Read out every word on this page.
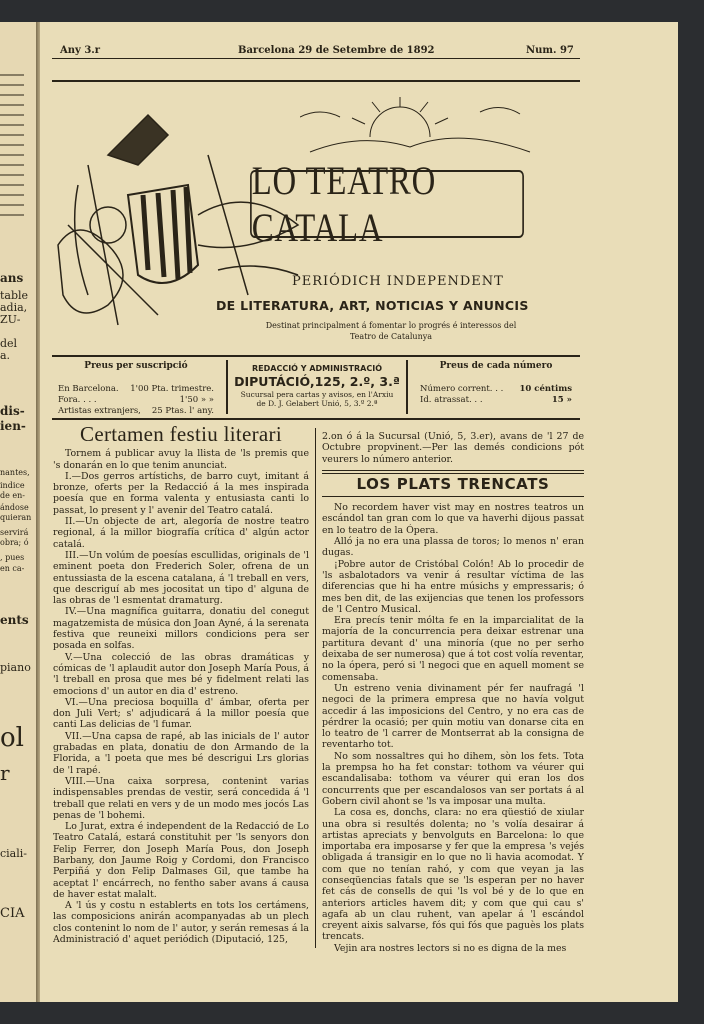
ans
table
adia,
ZU-
del
a.
dis-
ien-
nantes,
indice
de en-
ándose
quieran
servirá
obra; ó
, pues
en ca-
ents
piano
ol
r
ciali-
CIA
Any 3.r	Barcelona 29 de Setembre de 1892	Num. 97
LO TEATRO CATALA
PERIÓDICH INDEPENDENT
DE LITERATURA, ART, NOTICIAS Y ANUNCIS
Destinat principalment á fomentar lo progrés é interessos del Teatro de Catalunya
Preus per suscripció
En Barcelona. 1'00 Pta. trimestre.
Fora. . . .	1'50 » »
Artistas extranjers, 25 Ptas. l' any.
REDACCIÓ Y ADMINISTRACIÓ
DIPUTÁCIÓ,125, 2.º, 3.ª
Sucursal pera cartas y avisos, en l'Arxiu
de D. J. Gelabert Unió, 5, 3.º 2.ª
Preus de cada número
Número corrent. . . 10 céntims
Id. atrassat. . .	15 »

Certamen festiu literari

Tornem á publicar avuy la llista de 'ls premis que 's donarán en lo que tenim anunciat.

I.—Dos gerros artístichs, de barro cuyt, imitant á bronze, oferts per la Redacció á la mes inspirada poesía que en forma valenta y entusiasta canti lo passat, lo present y l' avenir del Teatro catalá.

II.—Un objecte de art, alegoría de nostre teatro regional, á la millor biografía crítica d' algún actor catalá.

III.—Un volúm de poesías escullidas, originals de 'l eminent poeta don Frederich Soler, ofrena de un entussiasta de la escena catalana, á 'l treball en vers, que descriguí ab mes jocositat un tipo d' alguna de las obras de 'l esmentat dramaturg.

IV.—Una magnífica guitarra, donatiu del conegut magatzemista de música don Joan Ayné, á la serenata festiva que reuneixi millors condicions pera ser posada en solfas.

V.—Una colecció de las obras dramáticas y cómicas de 'l aplaudit autor don Joseph María Pous, á 'l treball en prosa que mes bé y fidelment relati las emocions d' un autor en dia d' estreno.

VI.—Una preciosa boquilla d' ámbar, oferta per don Juli Vert; s' adjudicará á la millor poesía que canti Las delicias de 'l fumar.

VII.—Una capsa de rapé, ab las inicials de l' autor grabadas en plata, donatiu de don Armando de la Florida, a 'l poeta que mes bé descrigui Lrs glorias de 'l rapé.

VIII.—Una caixa sorpresa, contenint varias indispensables prendas de vestir, será concedida á 'l treball que relati en vers y de un modo mes jocós Las penas de 'l bohemi.

Lo Jurat, extra é independent de la Redacció de Lo Teatro Catalá, estará constituhit per 'ls senyors don Felip Ferrer, don Joseph María Pous, don Joseph Barbany, don Jaume Roig y Cordomi, don Francisco Perpiñá y don Felip Dalmases Gil, que tambe ha aceptat l' encárrech, no fentho saber avans á causa de haver estat malalt.

A 'l ús y costu n establerts en tots los certámens, las composicions anirán acompanyadas ab un plech clos contenint lo nom de l' autor, y serán remesas á la Administració d' aquet periódich (Diputació, 125,

2.on ó á la Sucursal (Unió, 5, 3.er), avans de 'l 27 de Octubre propvinent.—Per las demés condicions pót veurers lo número anterior.

LOS PLATS TRENCATS

No recordem haver vist may en nostres teatros un escándol tan gran com lo que va haverhi dijous passat en lo teatro de la Ópera.

Alló ja no era una plassa de toros; lo menos n' eran dugas.

¡Pobre autor de Cristóbal Colón! Ab lo procedir de 'ls asbalotadors va venir á resultar víctima de las diferencias que hi ha entre músichs y empressaris; ó mes ben dit, de las exijencias que tenen los professors de 'l Centro Musical.

Era precís tenir mólta fe en la imparcialitat de la majoría de la concurrencia pera deixar estrenar una partitura devant d' una minoría (que no per serho deixaba de ser numerosa) que á tot cost volía reventar, no la ópera, peró si 'l negoci que en aquell moment se comensaba.

Un estreno venia divinament pér fer naufragá 'l negoci de la primera empresa que no havía volgut accedir á las imposicions del Centro, y no era cas de pérdrer la ocasió; per quin motiu van donarse cita en lo teatro de 'l carrer de Montserrat ab la consigna de reventarho tot.

No som nossaltres qui ho dihem, sòn los fets. Tota la prempsa ho ha fet constar: tothom va véurer qui escandalisaba: tothom va véurer qui eran los dos concurrents que per escandalosos van ser portats á al Gobern civil ahont se 'ls va imposar una multa.

La cosa es, donchs, clara: no era qüestió de xiular una obra si resultés dolenta; no 's volía desairar á artistas apreciats y benvolguts en Barcelona: lo que importaba era imposarse y fer que la empresa 's vejés obligada á transigir en lo que no li havia acomodat. Y com que no tenían rahó, y com que veyan ja las conseqüencias fatals que se 'ls esperan per no haver fet cás de consells de qui 'ls vol bé y de lo que en anteriors articles havem dit; y com que qui cau s' agafa ab un clau ruhent, van apelar á 'l escándol creyent aixis salvarse, fós qui fós que paguès los plats trencats.

Vejin ara nostres lectors si no es digna de la mes
